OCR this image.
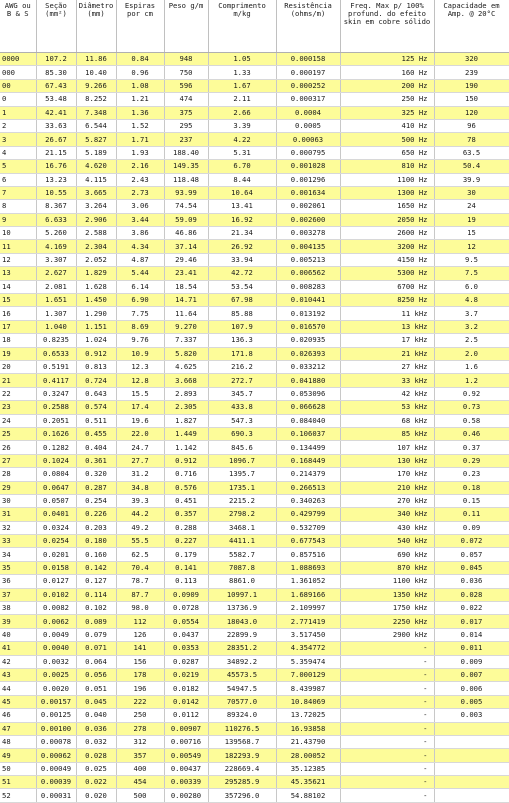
AWG ou B & S	Seção (mm²)	Diâmetro (mm)	Espiras por cm	Peso g/m	Comprimento m/kg	Resistência (ohms/m)	Freq. Max p/ 100% profund. do efeito skin em cobre sólido	Capacidade em Amp. @ 20°C
0000	107.2	11.86	0.84	948	1.05	0.000158	125 Hz	320
000	85.30	10.40	0.96	750	1.33	0.000197	160 Hz	239
00	67.43	9.266	1.08	596	1.67	0.000252	200 Hz	190
0	53.48	8.252	1.21	474	2.11	0.000317	250 Hz	150
1	42.41	7.348	1.36	375	2.66	0.0004	325 Hz	120
2	33.63	6.544	1.52	295	3.39	0.0005	410 Hz	96
3	26.67	5.827	1.71	237	4.22	0.00063	500 Hz	78
4	21.15	5.189	1.93	188.40	5.31	0.000795	650 Hz	63.5
5	16.76	4.620	2.16	149.35	6.70	0.001028	810 Hz	50.4
6	13.23	4.115	2.43	118.48	8.44	0.001296	1100 Hz	39.9
7	10.55	3.665	2.73	93.99	10.64	0.001634	1300 Hz	30
8	8.367	3.264	3.06	74.54	13.41	0.002061	1650 Hz	24
9	6.633	2.906	3.44	59.09	16.92	0.002600	2050 Hz	19
10	5.260	2.588	3.86	46.86	21.34	0.003278	2600 Hz	15
11	4.169	2.304	4.34	37.14	26.92	0.004135	3200 Hz	12
12	3.307	2.052	4.87	29.46	33.94	0.005213	4150 Hz	9.5
13	2.627	1.829	5.44	23.41	42.72	0.006562	5300 Hz	7.5
14	2.081	1.628	6.14	18.54	53.54	0.008283	6700 Hz	6.0
15	1.651	1.450	6.90	14.71	67.98	0.010441	8250 Hz	4.8
16	1.307	1.290	7.75	11.64	85.88	0.013192	11 kHz	3.7
17	1.040	1.151	8.69	9.270	107.9	0.016570	13 kHz	3.2
18	0.8235	1.024	9.76	7.337	136.3	0.020935	17 kHz	2.5
19	0.6533	0.912	10.9	5.820	171.8	0.026393	21 kHz	2.0
20	0.5191	0.813	12.3	4.625	216.2	0.033212	27 kHz	1.6
21	0.4117	0.724	12.8	3.668	272.7	0.041880	33 kHz	1.2
22	0.3247	0.643	15.5	2.893	345.7	0.053096	42 kHz	0.92
23	0.2588	0.574	17.4	2.305	433.8	0.066628	53 kHz	0.73
24	0.2051	0.511	19.6	1.827	547.3	0.084040	68 kHz	0.58
25	0.1626	0.455	22.0	1.449	690.3	0.106037	85 kHz	0.46
26	0.1282	0.404	24.7	1.142	845.6	0.134499	107 kHz	0.37
27	0.1024	0.361	27.7	0.912	1096.7	0.168449	130 kHz	0.29
28	0.0804	0.320	31.2	0.716	1395.7	0.214379	170 kHz	0.23
29	0.0647	0.287	34.8	0.576	1735.1	0.266513	210 kHz	0.18
30	0.0507	0.254	39.3	0.451	2215.2	0.340263	270 kHz	0.15
31	0.0401	0.226	44.2	0.357	2798.2	0.429799	340 kHz	0.11
32	0.0324	0.203	49.2	0.288	3468.1	0.532709	430 kHz	0.09
33	0.0254	0.180	55.5	0.227	4411.1	0.677543	540 kHz	0.072
34	0.0201	0.160	62.5	0.179	5582.7	0.857516	690 kHz	0.057
35	0.0158	0.142	70.4	0.141	7087.8	1.088693	870 kHz	0.045
36	0.0127	0.127	78.7	0.113	8861.0	1.361052	1100 kHz	0.036
37	0.0102	0.114	87.7	0.0909	10997.1	1.689166	1350 kHz	0.028
38	0.0082	0.102	98.0	0.0728	13736.9	2.109997	1750 kHz	0.022
39	0.0062	0.089	112	0.0554	18043.0	2.771419	2250 kHz	0.017
40	0.0049	0.079	126	0.0437	22899.9	3.517450	2900 kHz	0.014
41	0.0040	0.071	141	0.0353	28351.2	4.354772	-	0.011
42	0.0032	0.064	156	0.0287	34892.2	5.359474	-	0.009
43	0.0025	0.056	178	0.0219	45573.5	7.000129	-	0.007
44	0.0020	0.051	196	0.0182	54947.5	8.439987	-	0.006
45	0.00157	0.045	222	0.0142	70577.0	10.84069	-	0.005
46	0.00125	0.040	250	0.0112	89324.0	13.72025	-	0.003
47	0.00100	0.036	278	0.00907	110276.5	16.93858	-	
48	0.00078	0.032	312	0.00716	139568.7	21.43790	-	
49	0.00062	0.028	357	0.00549	182293.9	28.00052	-	
50	0.00049	0.025	400	0.00437	228669.4	35.12385	-	
51	0.00039	0.022	454	0.00339	295285.9	45.35621	-	
52	0.00031	0.020	500	0.00280	357296.0	54.88102	-	
